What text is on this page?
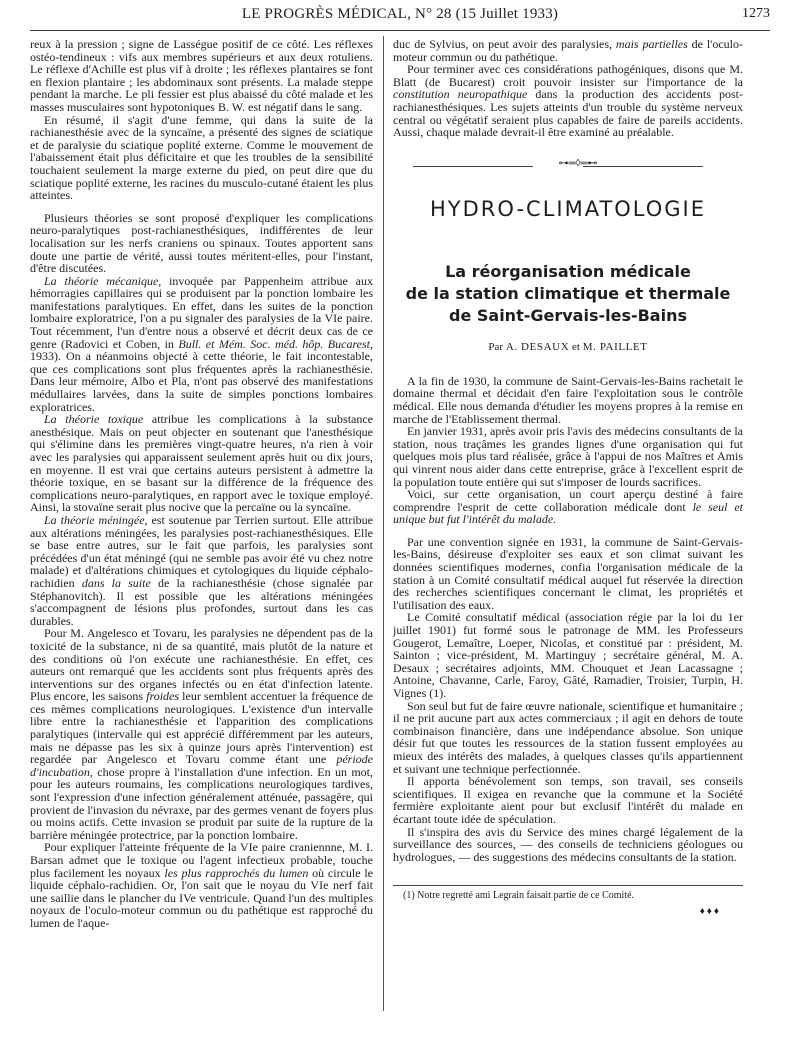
LE PROGRÈS MÉDICAL, N° 28 (15 Juillet 1933)	1273

reux à la pression ; signe de Lasségue positif de ce côté. Les réflexes ostéo-tendineux : vifs aux membres supérieurs et aux deux rotuliens. Le réflexe d'Achille est plus vif à droite ; les réflexes plantaires se font en flexion plantaire ; les abdominaux sont présents. La malade steppe pendant la marche. Le pli fessier est plus abaissé du côté malade et les masses musculaires sont hypotoniques B. W. est négatif dans le sang.

En résumé, il s'agit d'une femme, qui dans la suite de la rachianesthésie avec de la syncaïne, a présenté des signes de sciatique et de paralysie du sciatique poplité externe. Comme le mouvement de l'abaissement était plus déficitaire et que les troubles de la sensibilité touchaient seulement la marge externe du pied, on peut dire que du sciatique poplité externe, les racines du musculo-cutané étaient les plus atteintes.

Plusieurs théories se sont proposé d'expliquer les complications neuro-paralytiques post-rachianesthésiques, indifférentes de leur localisation sur les nerfs craniens ou spinaux. Toutes apportent sans doute une partie de vérité, aussi toutes méritent-elles, pour l'instant, d'être discutées.

La théorie mécanique, invoquée par Pappenheim attribue aux hémorragies capillaires qui se produisent par la ponction lombaire les manifestations paralytiques. En effet, dans les suites de la ponction lombaire exploratrice, l'on a pu signaler des paralysies de la VIe paire. Tout récemment, l'un d'entre nous a observé et décrit deux cas de ce genre (Radovici et Coben, in Bull. et Mém. Soc. méd. hôp. Bucarest, 1933). On a néanmoins objecté à cette théorie, le fait incontestable, que ces complications sont plus fréquentes après la rachianesthésie. Dans leur mémoire, Albo et Pla, n'ont pas observé des manifestations médullaires larvées, dans la suite de simples ponctions lombaires exploratrices.

La théorie toxique attribue les complications à la substance anesthésique. Mais on peut objecter en soutenant que l'anesthésique qui s'élimine dans les premières vingt-quatre heures, n'a rien à voir avec les paralysies qui apparaissent seulement après huit ou dix jours, en moyenne. Il est vrai que certains auteurs persistent à admettre la théorie toxique, en se basant sur la différence de la fréquence des complications neuro-paralytiques, en rapport avec le toxique employé. Ainsi, la stovaïne serait plus nocive que la percaïne ou la syncaïne.

La théorie méningée, est soutenue par Terrien surtout. Elle attribue aux altérations méningées, les paralysies post-rachianesthésiques. Elle se base entre autres, sur le fait que parfois, les paralysies sont précédées d'un état méningé (qui ne semble pas avoir été vu chez notre malade) et d'altérations chimiques et cytologiques du liquide céphalo-rachidien dans la suite de la rachianesthésie (chose signalée par Stéphanovitch). Il est possible que les altérations méningées s'accompagnent de lésions plus profondes, surtout dans les cas durables.

Pour M. Angelesco et Tovaru, les paralysies ne dépendent pas de la toxicité de la substance, ni de sa quantité, mais plutôt de la nature et des conditions où l'on exécute une rachianesthésie. En effet, ces auteurs ont remarqué que les accidents sont plus fréquents après des interventions sur des organes infectés ou en état d'infection latente. Plus encore, les saisons froides leur semblent accentuer la fréquence de ces mêmes complications neurologiques. L'existence d'un intervalle libre entre la rachianesthésie et l'apparition des complications paralytiques (intervalle qui est apprécié différemment par les auteurs, mais ne dépasse pas les six à quinze jours après l'intervention) est regardée par Angelesco et Tovaru comme étant une période d'incubation, chose propre à l'installation d'une infection. En un mot, pour les auteurs roumains, les complications neurologiques tardives, sont l'expression d'une infection généralement atténuée, passagère, qui provient de l'invasion du névraxe, par des germes venant de foyers plus ou moins actifs. Cette invasion se produit par suite de la rupture de la barrière méningée protectrice, par la ponction lombaire.

Pour expliquer l'atteinte fréquente de la VIe paire craniennne, M. I. Barsan admet que le toxique ou l'agent infectieux probable, touche plus facilement les noyaux les plus rapprochés du lumen où circule le liquide céphalo-rachidien. Or, l'on sait que le noyau du VIe nerf fait une saillie dans le plancher du IVe ventricule. Quand l'un des multiples noyaux de l'oculo-moteur commun ou du pathétique est rapproché du lumen de l'aque-

duc de Sylvius, on peut avoir des paralysies, mais partielles de l'oculo-moteur commun ou du pathétique.

Pour terminer avec ces considérations pathogéniques, disons que M. Blatt (de Bucarest) croit pouvoir insister sur l'importance de la constitution neuropathique dans la production des accidents post-rachianesthésiques. Les sujets atteints d'un trouble du système nerveux central ou végétatif seraient plus capables de faire de pareils accidents. Aussi, chaque malade devrait-il être examiné au préalable.

⊶═◊═⊷
HYDRO-CLIMATOLOGIE
La réorganisation médicale
de la station climatique et thermale
de Saint-Gervais-les-Bains
Par A. DESAUX et M. PAILLET

A la fin de 1930, la commune de Saint-Gervais-les-Bains rachetait le domaine thermal et décidait d'en faire l'exploitation sous le contrôle médical. Elle nous demanda d'étudier les moyens propres à la remise en marche de l'Etablissement thermal.

En janvier 1931, après avoir pris l'avis des médecins consultants de la station, nous traçâmes les grandes lignes d'une organisation qui fut quelques mois plus tard réalisée, grâce à l'appui de nos Maîtres et Amis qui vinrent nous aider dans cette entreprise, grâce à l'excellent esprit de la population toute entière qui sut s'imposer de lourds sacrifices.

Voici, sur cette organisation, un court aperçu destiné à faire comprendre l'esprit de cette collaboration médicale dont le seul et unique but fut l'intérêt du malade.

Par une convention signée en 1931, la commune de Saint-Gervais-les-Bains, désireuse d'exploiter ses eaux et son climat suivant les données scientifiques modernes, confia l'organisation médicale de la station à un Comité consultatif médical auquel fut réservée la direction des recherches scientifiques concernant le climat, les propriétés et l'utilisation des eaux.

Le Comité consultatif médical (association régie par la loi du 1er juillet 1901) fut formé sous le patronage de MM. les Professeurs Gougerot, Lemaître, Loeper, Nicolas, et constitué par : président, M. Sainton ; vice-président, M. Martinguy ; secrétaire général, M. A. Desaux ; secrétaires adjoints, MM. Chouquet et Jean Lacassagne ; Antoine, Chavanne, Carle, Faroy, Gâté, Ramadier, Troisier, Turpin, H. Vignes (1).

Son seul but fut de faire œuvre nationale, scientifique et humanitaire ; il ne prit aucune part aux actes commerciaux ; il agit en dehors de toute combinaison financière, dans une indépendance absolue. Son unique désir fut que toutes les ressources de la station fussent employées au mieux des intérêts des malades, à quelques classes qu'ils appartiennent et suivant une technique perfectionnée.

Il apporta bénévolement son temps, son travail, ses conseils scientifiques. Il exigea en revanche que la commune et la Société fermière exploitante aient pour but exclusif l'intérêt du malade en écartant toute idée de spéculation.

Il s'inspira des avis du Service des mines chargé légalement de la surveillance des sources, — des conseils de techniciens géologues ou hydrologues, — des suggestions des médecins consultants de la station.

(1) Notre regretté ami Legrain faisait partie de ce Comité.

♦♦♦
